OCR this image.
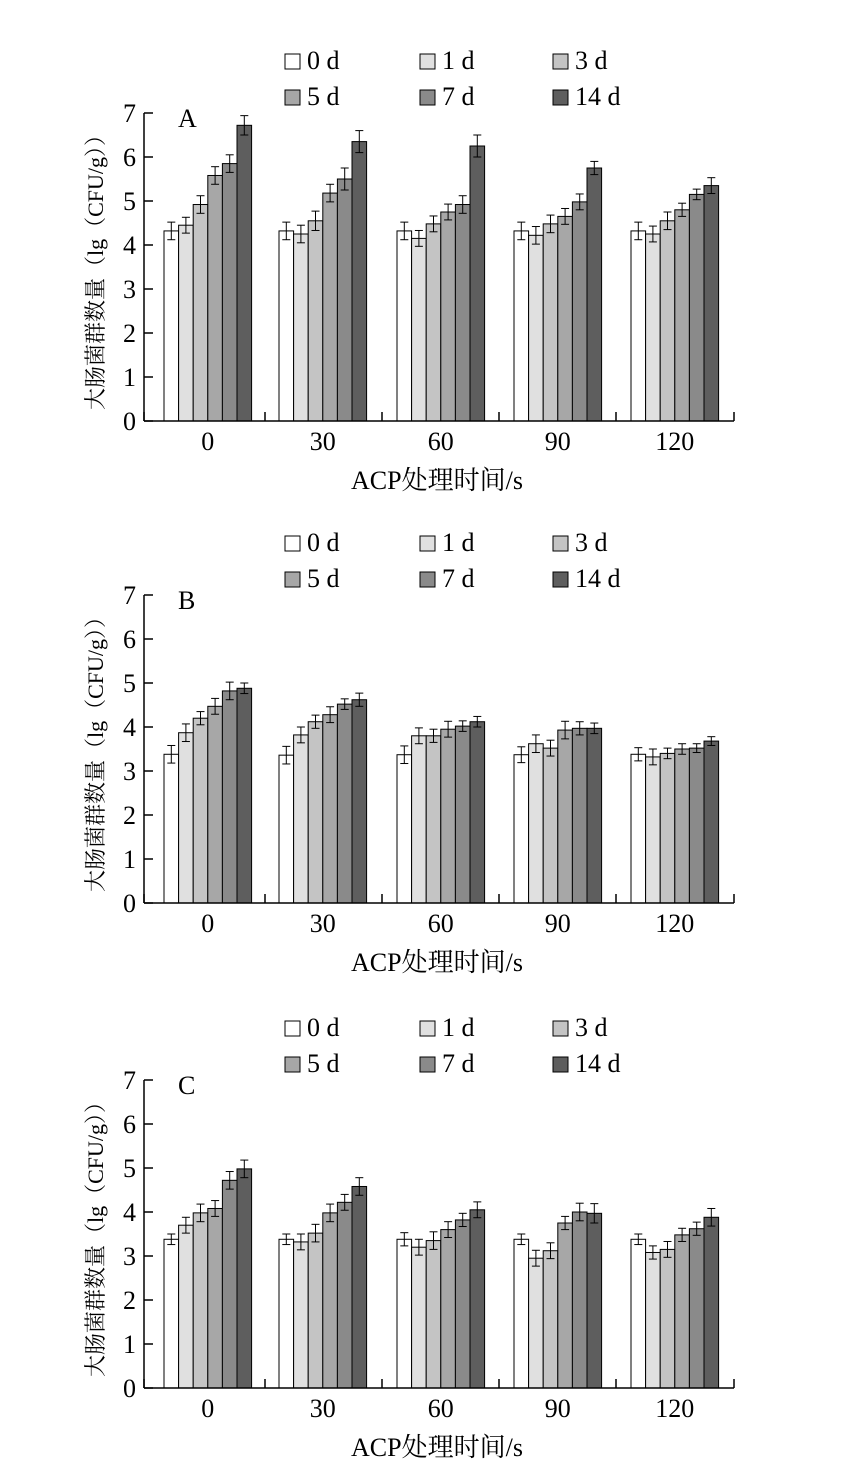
0
1
2
3
4
5
6
7
0	30	60	90	120
ACP处理时间/s
大肠菌群数量（lg（CFU/g））
A
0 d	1 d	3 d
5 d	7 d	14 d
0
1
2
3
4
5
6
7
0	30	60	90	120
ACP处理时间/s
大肠菌群数量（lg（CFU/g））
B
0 d	1 d	3 d
5 d	7 d	14 d
0
1
2
3
4
5
6
7
0	30	60	90	120
ACP处理时间/s
大肠菌群数量（lg（CFU/g））
C
0 d	1 d	3 d
5 d	7 d	14 d
